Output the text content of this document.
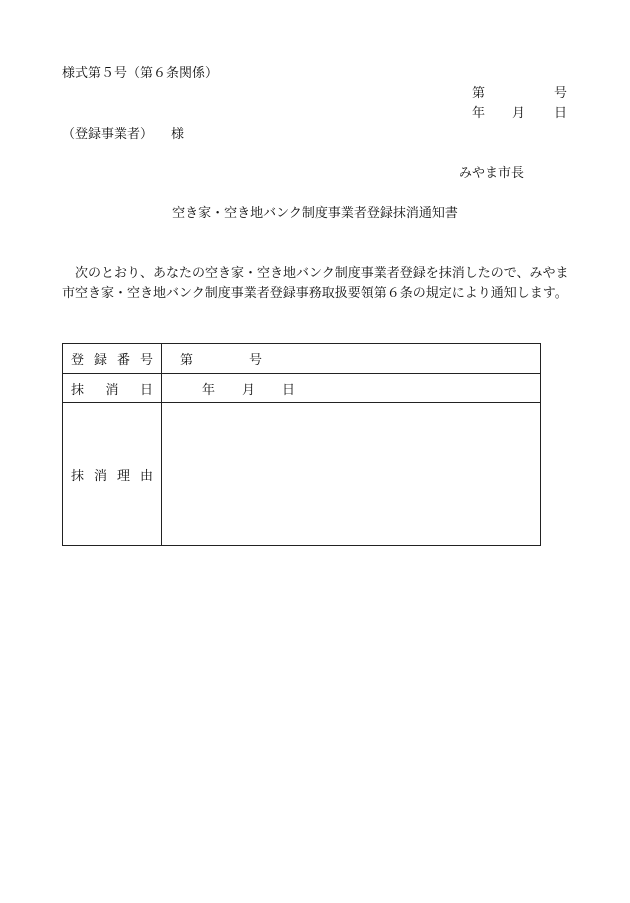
様式第５号（第６条関係）
第	号
年 月 日
（登録事業者） 様
みやま市長
空き家・空き地バンク制度事業者登録抹消通知書
次のとおり、あなたの空き家・空き地バンク制度事業者登録を抹消したので、みやま市空き家・空き地バンク制度事業者登録事務取扱要領第６条の規定により通知します。
登録番号	第 号
抹消日	年 月 日
抹消理由	
